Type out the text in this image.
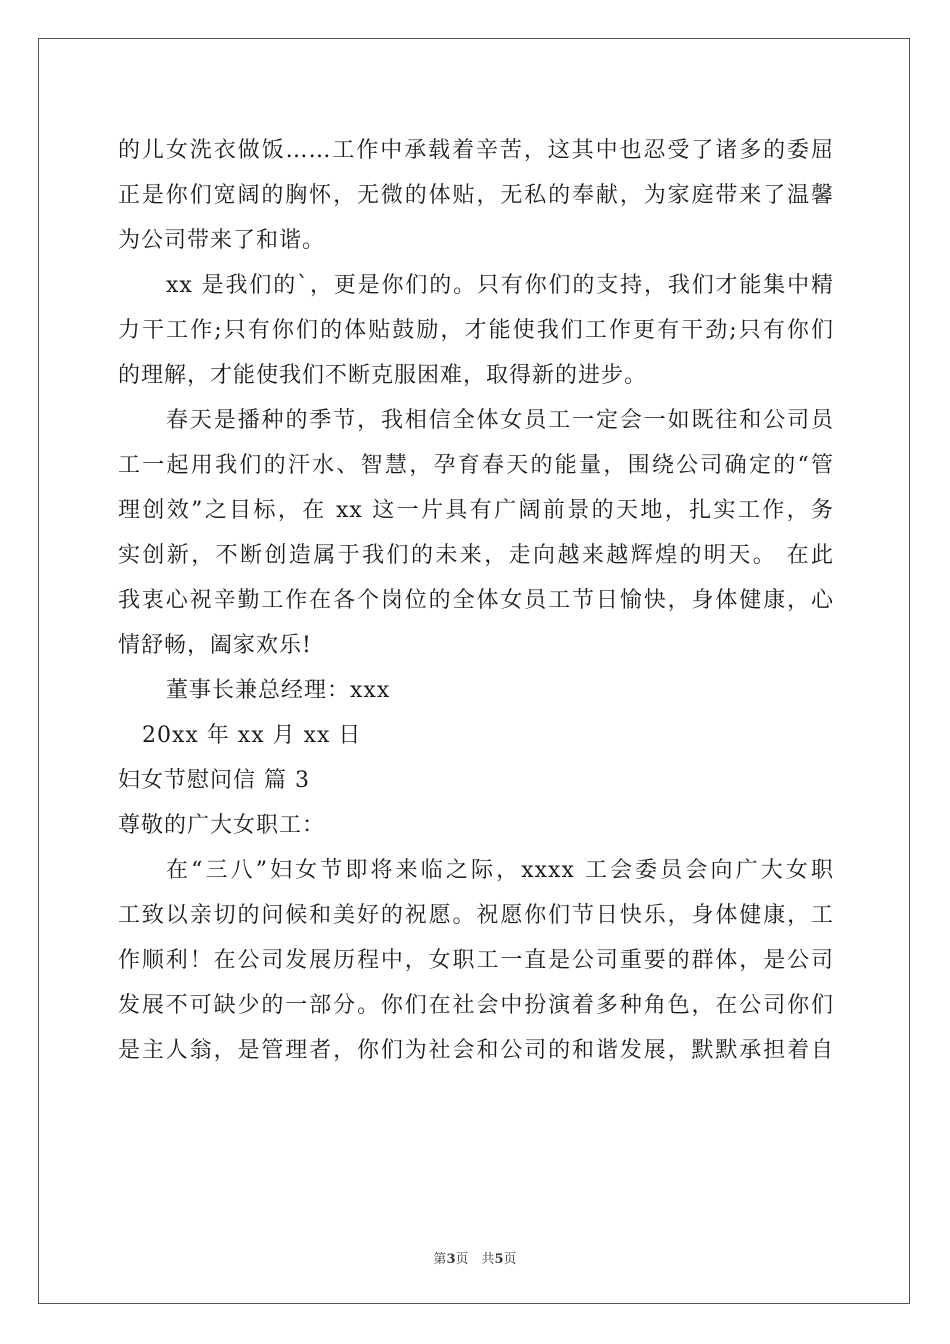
的儿女洗衣做饭……工作中承载着辛苦，这其中也忍受了诸多的委屈
正是你们宽阔的胸怀，无微的体贴，无私的奉献，为家庭带来了温馨
为公司带来了和谐。
xx 是我们的`，更是你们的。只有你们的支持，我们才能集中精
力干工作;只有你们的体贴鼓励，才能使我们工作更有干劲;只有你们
的理解，才能使我们不断克服困难，取得新的进步。
春天是播种的季节，我相信全体女员工一定会一如既往和公司员
工一起用我们的汗水、智慧，孕育春天的能量，围绕公司确定的“管
理创效”之目标，在 xx 这一片具有广阔前景的天地，扎实工作，务
实创新，不断创造属于我们的未来，走向越来越辉煌的明天。 在此
我衷心祝辛勤工作在各个岗位的全体女员工节日愉快，身体健康，心
情舒畅，阖家欢乐!
董事长兼总经理：xxx
20xx 年 xx 月 xx 日
妇女节慰问信 篇 3
尊敬的广大女职工：
在“三八”妇女节即将来临之际，xxxx 工会委员会向广大女职
工致以亲切的问候和美好的祝愿。祝愿你们节日快乐，身体健康，工
作顺利！在公司发展历程中，女职工一直是公司重要的群体，是公司
发展不可缺少的一部分。你们在社会中扮演着多种角色，在公司你们
是主人翁，是管理者，你们为社会和公司的和谐发展，默默承担着自
第3页　共5页
